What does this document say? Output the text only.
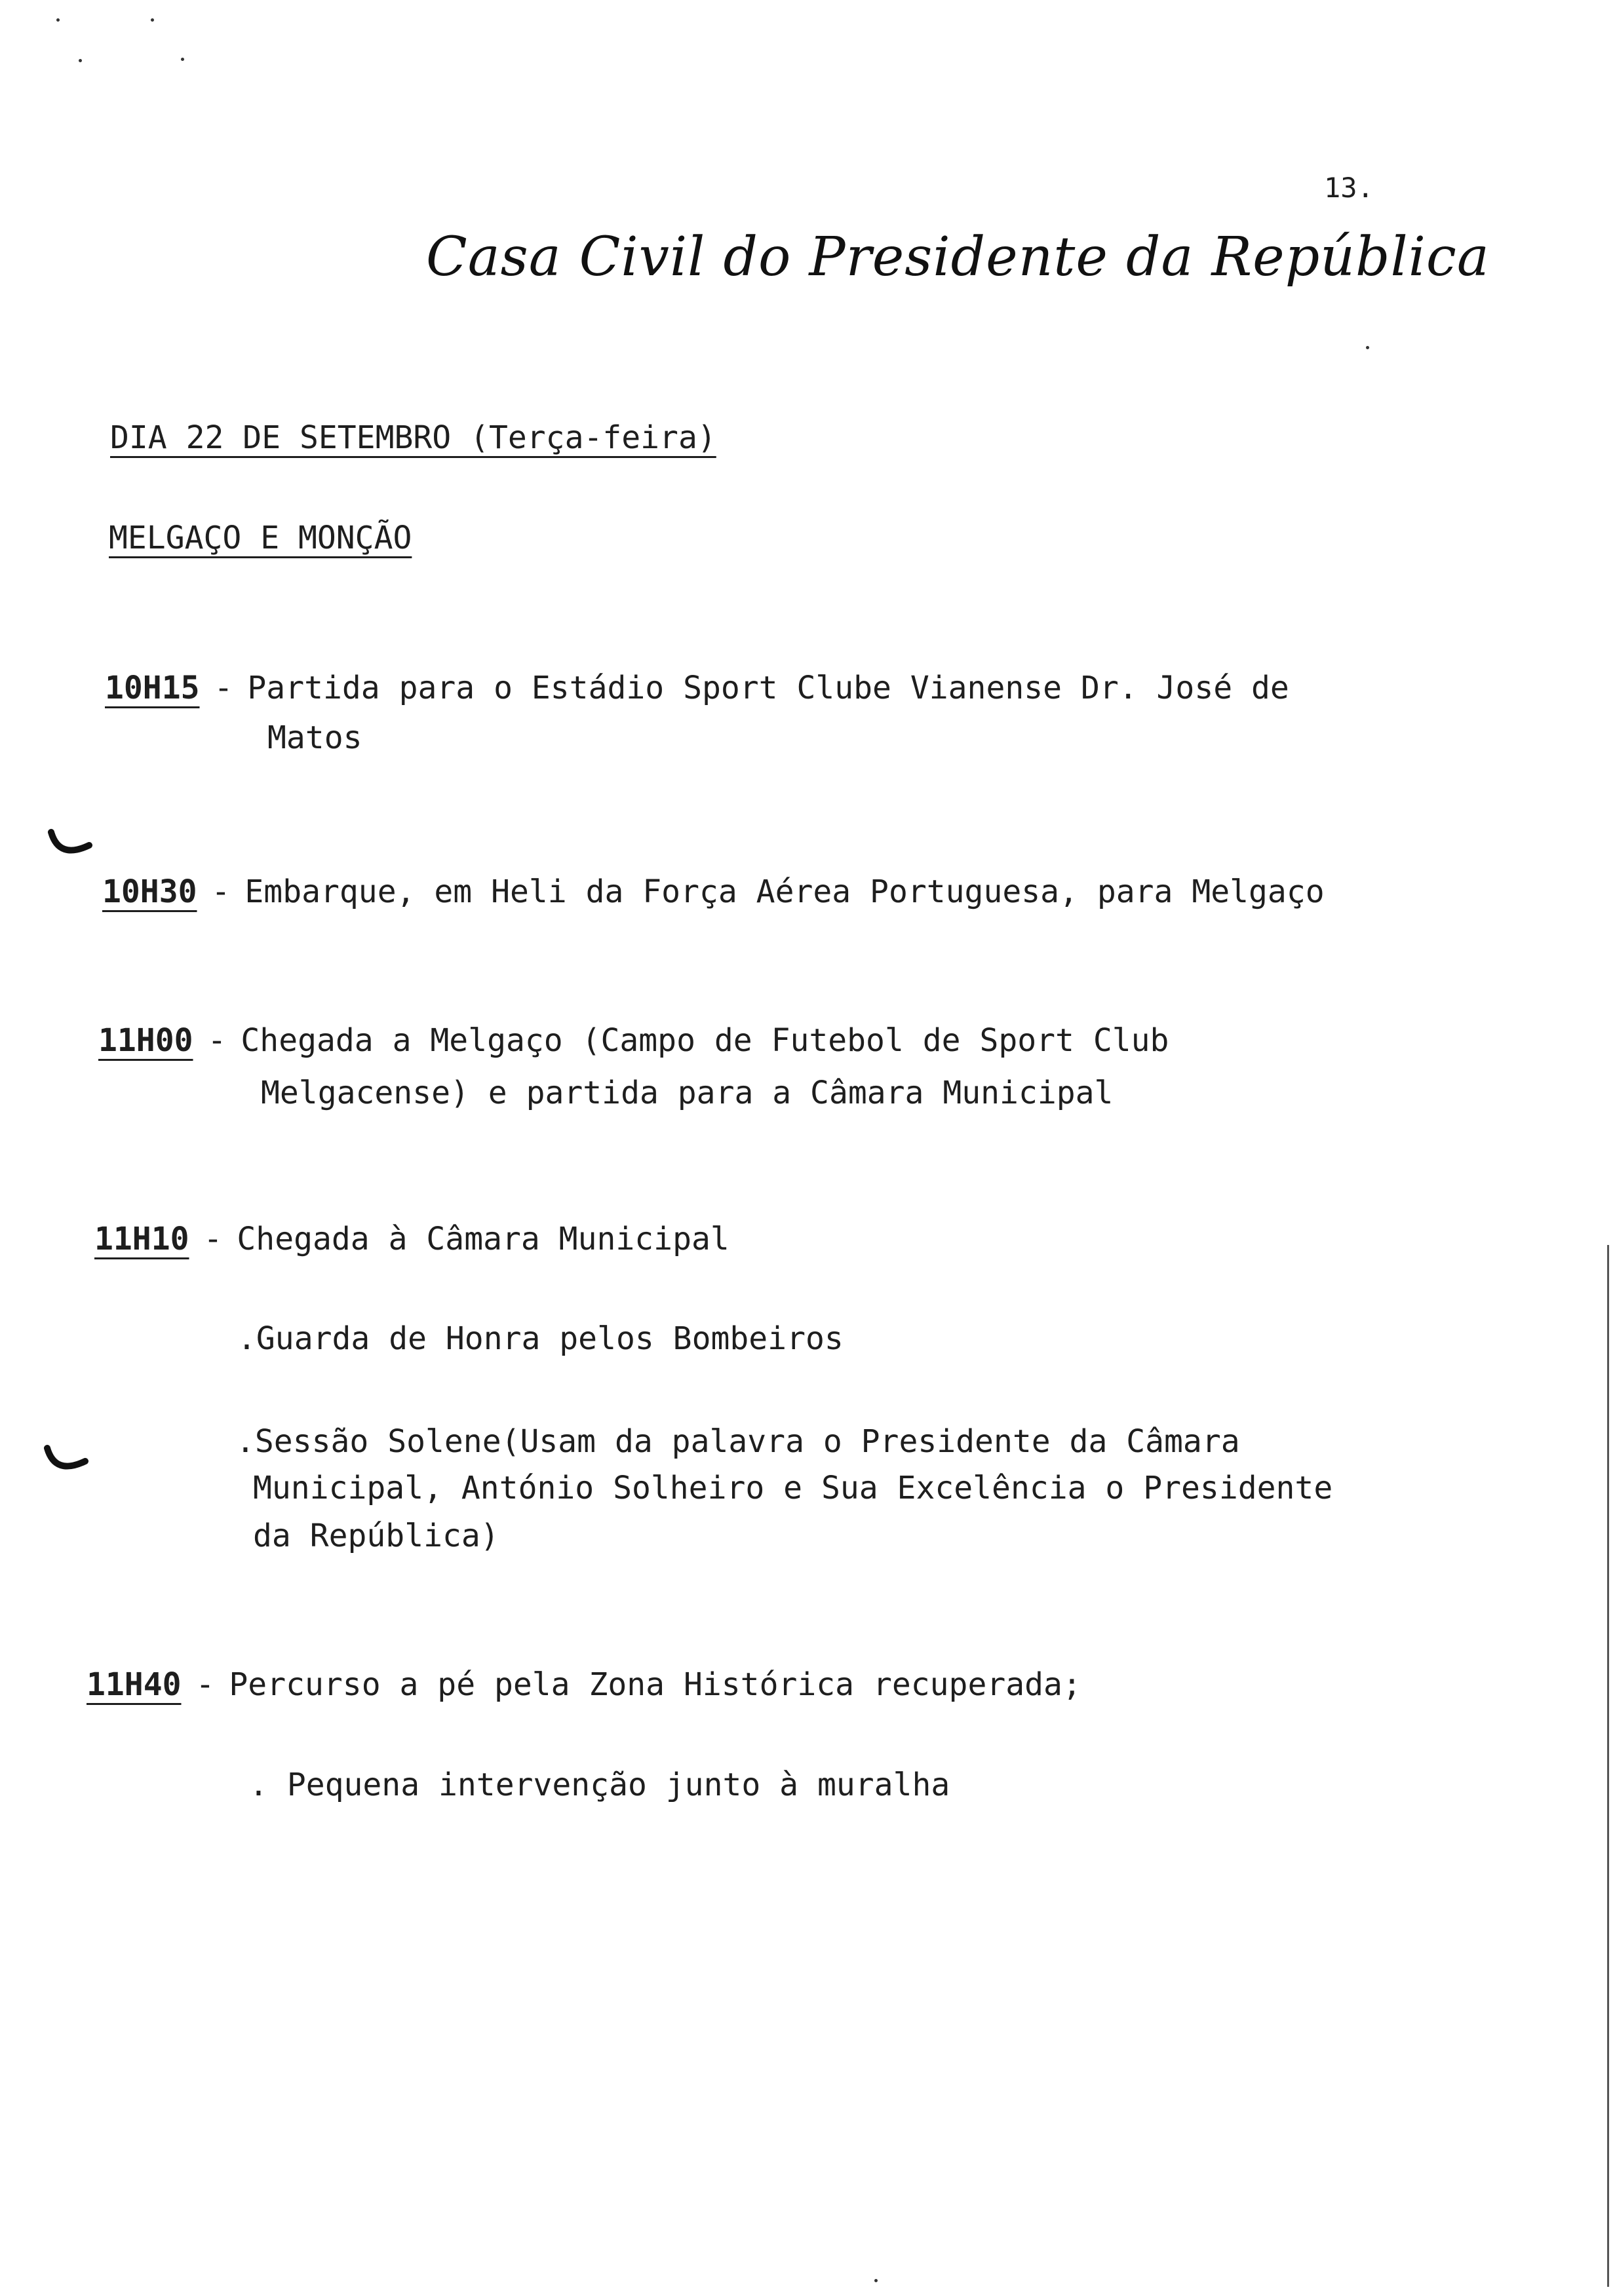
13.
Casa Civil do Presidente da República
DIA 22 DE SETEMBRO (Terça-feira)
MELGAÇO E MONÇÃO
10H15 - Partida para o Estádio Sport Clube Vianense Dr. José de
Matos
10H30 - Embarque, em Heli da Força Aérea Portuguesa, para Melgaço
11H00 - Chegada a Melgaço (Campo de Futebol de Sport Club
Melgacense) e partida para a Câmara Municipal
11H10 - Chegada à Câmara Municipal
.Guarda de Honra pelos Bombeiros
.Sessão Solene(Usam da palavra o Presidente da Câmara
Municipal, António Solheiro e Sua Excelência o Presidente
da República)
11H40 - Percurso a pé pela Zona Histórica recuperada;
. Pequena intervenção junto à muralha
